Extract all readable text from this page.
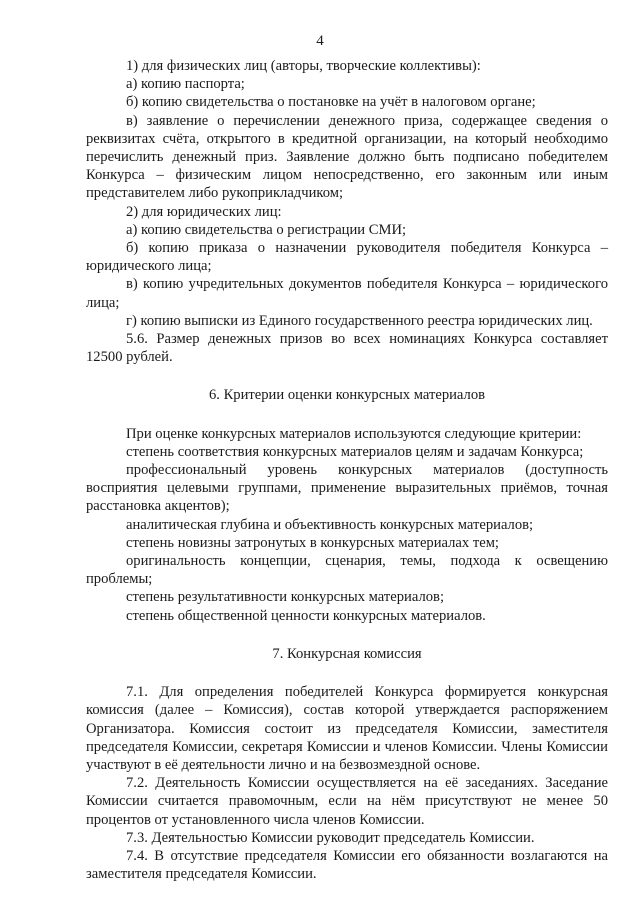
4

1) для физических лиц (авторы, творческие коллективы):

а) копию паспорта;

б) копию свидетельства о постановке на учёт в налоговом органе;

в) заявление о перечислении денежного приза, содержащее сведения о реквизитах счёта, открытого в кредитной организации, на который необходимо перечислить денежный приз. Заявление должно быть подписано победителем Конкурса – физическим лицом непосредственно, его законным или иным представителем либо рукоприкладчиком;

2) для юридических лиц:

а) копию свидетельства о регистрации СМИ;

б) копию приказа о назначении руководителя победителя Конкурса – юридического лица;

в) копию учредительных документов победителя Конкурса – юридического лица;

г) копию выписки из Единого государственного реестра юридических лиц.

5.6. Размер денежных призов во всех номинациях Конкурса составляет 12500 рублей.

6. Критерии оценки конкурсных материалов

При оценке конкурсных материалов используются следующие критерии:

степень соответствия конкурсных материалов целям и задачам Конкурса;

профессиональный уровень конкурсных материалов (доступность восприятия целевыми группами, применение выразительных приёмов, точная расстановка акцентов);

аналитическая глубина и объективность конкурсных материалов;

степень новизны затронутых в конкурсных материалах тем;

оригинальность концепции, сценария, темы, подхода к освещению проблемы;

степень результативности конкурсных материалов;

степень общественной ценности конкурсных материалов.

7. Конкурсная комиссия

7.1. Для определения победителей Конкурса формируется конкурсная комиссия (далее – Комиссия), состав которой утверждается распоряжением Организатора. Комиссия состоит из председателя Комиссии, заместителя председателя Комиссии, секретаря Комиссии и членов Комиссии. Члены Комиссии участвуют в её деятельности лично и на безвозмездной основе.

7.2. Деятельность Комиссии осуществляется на её заседаниях. Заседание Комиссии считается правомочным, если на нём присутствуют не менее 50 процентов от установленного числа членов Комиссии.

7.3. Деятельностью Комиссии руководит председатель Комиссии.

7.4. В отсутствие председателя Комиссии его обязанности возлагаются на заместителя председателя Комиссии.
